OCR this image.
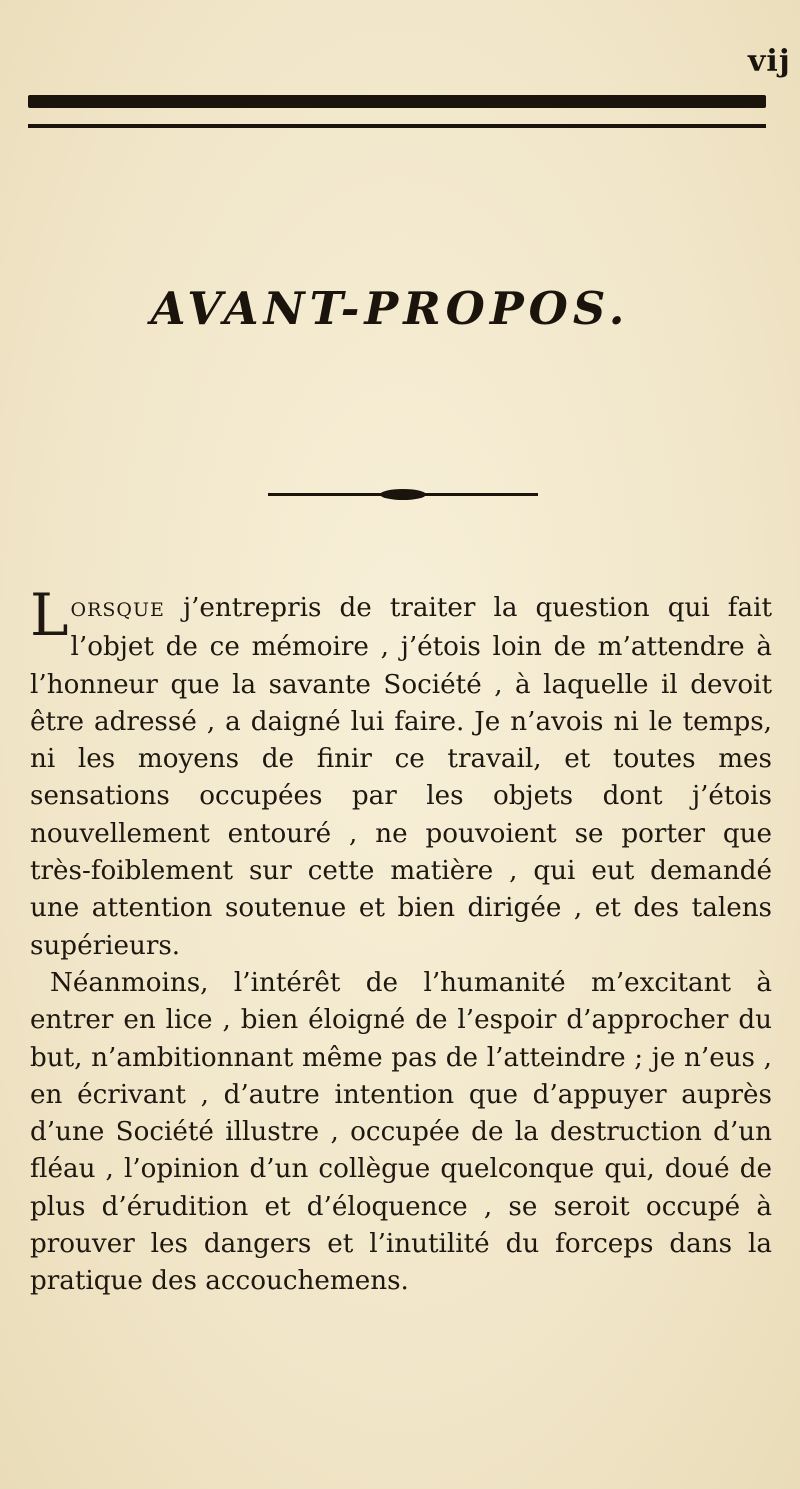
vij
AVANT-PROPOS.

LORSQUE j’entrepris de traiter la question qui fait l’objet de ce mémoire , j’étois loin de m’attendre à l’honneur que la savante Société , à laquelle il devoit être adressé , a daigné lui faire. Je n’avois ni le temps, ni les moyens de finir ce travail, et toutes mes sensations occupées par les objets dont j’étois nouvellement entouré , ne pouvoient se porter que très-foiblement sur cette matière , qui eut demandé une attention soutenue et bien dirigée , et des talens supérieurs.

Néanmoins, l’intérêt de l’humanité m’excitant à entrer en lice , bien éloigné de l’espoir d’approcher du but, n’ambitionnant même pas de l’atteindre ; je n’eus , en écrivant , d’autre intention que d’appuyer auprès d’une Société illustre , occupée de la destruction d’un fléau , l’opinion d’un collègue quelconque qui, doué de plus d’érudition et d’éloquence , se seroit occupé à prouver les dangers et l’inutilité du forceps dans la pratique des accouchemens.
